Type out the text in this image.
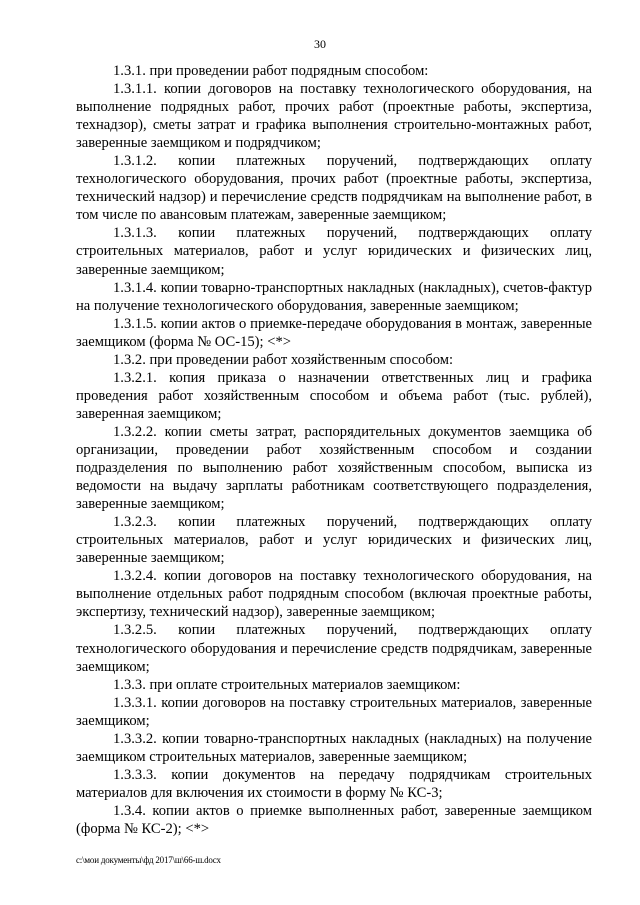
30

1.3.1. при проведении работ подрядным способом:

1.3.1.1. копии договоров на поставку технологического оборудования, на выполнение подрядных работ, прочих работ (проектные работы, экспертиза, технадзор), сметы затрат и графика выполнения строительно-монтажных работ, заверенные заемщиком и подрядчиком;

1.3.1.2. копии платежных поручений, подтверждающих оплату технологического оборудования, прочих работ (проектные работы, экспертиза, технический надзор) и перечисление средств подрядчикам на выполнение работ, в том числе по авансовым платежам, заверенные заемщиком;

1.3.1.3. копии платежных поручений, подтверждающих оплату строительных материалов, работ и услуг юридических и физических лиц, заверенные заемщиком;

1.3.1.4. копии товарно-транспортных накладных (накладных), счетов-фактур на получение технологического оборудования, заверенные заемщиком;

1.3.1.5. копии актов о приемке-передаче оборудования в монтаж, заверенные заемщиком (форма № ОС-15); <*>

1.3.2. при проведении работ хозяйственным способом:

1.3.2.1. копия приказа о назначении ответственных лиц и графика проведения работ хозяйственным способом и объема работ (тыс. рублей), заверенная заемщиком;

1.3.2.2. копии сметы затрат, распорядительных документов заемщика об организации, проведении работ хозяйственным способом и создании подразделения по выполнению работ хозяйственным способом, выписка из ведомости на выдачу зарплаты работникам соответствующего подразделения, заверенные заемщиком;

1.3.2.3. копии платежных поручений, подтверждающих оплату строительных материалов, работ и услуг юридических и физических лиц, заверенные заемщиком;

1.3.2.4. копии договоров на поставку технологического оборудования, на выполнение отдельных работ подрядным способом (включая проектные работы, экспертизу, технический надзор), заверенные заемщиком;

1.3.2.5. копии платежных поручений, подтверждающих оплату технологического оборудования и перечисление средств подрядчикам, заверенные заемщиком;

1.3.3. при оплате строительных материалов заемщиком:

1.3.3.1. копии договоров на поставку строительных материалов, заверенные заемщиком;

1.3.3.2. копии товарно-транспортных накладных (накладных) на получение заемщиком строительных материалов, заверенные заемщиком;

1.3.3.3. копии документов на передачу подрядчикам строительных материалов для включения их стоимости в форму № КС-3;

1.3.4. копии актов о приемке выполненных работ, заверенные заемщиком (форма № КС-2); <*>

c:\мои документы\фд 2017\ш\66-ш.docx
